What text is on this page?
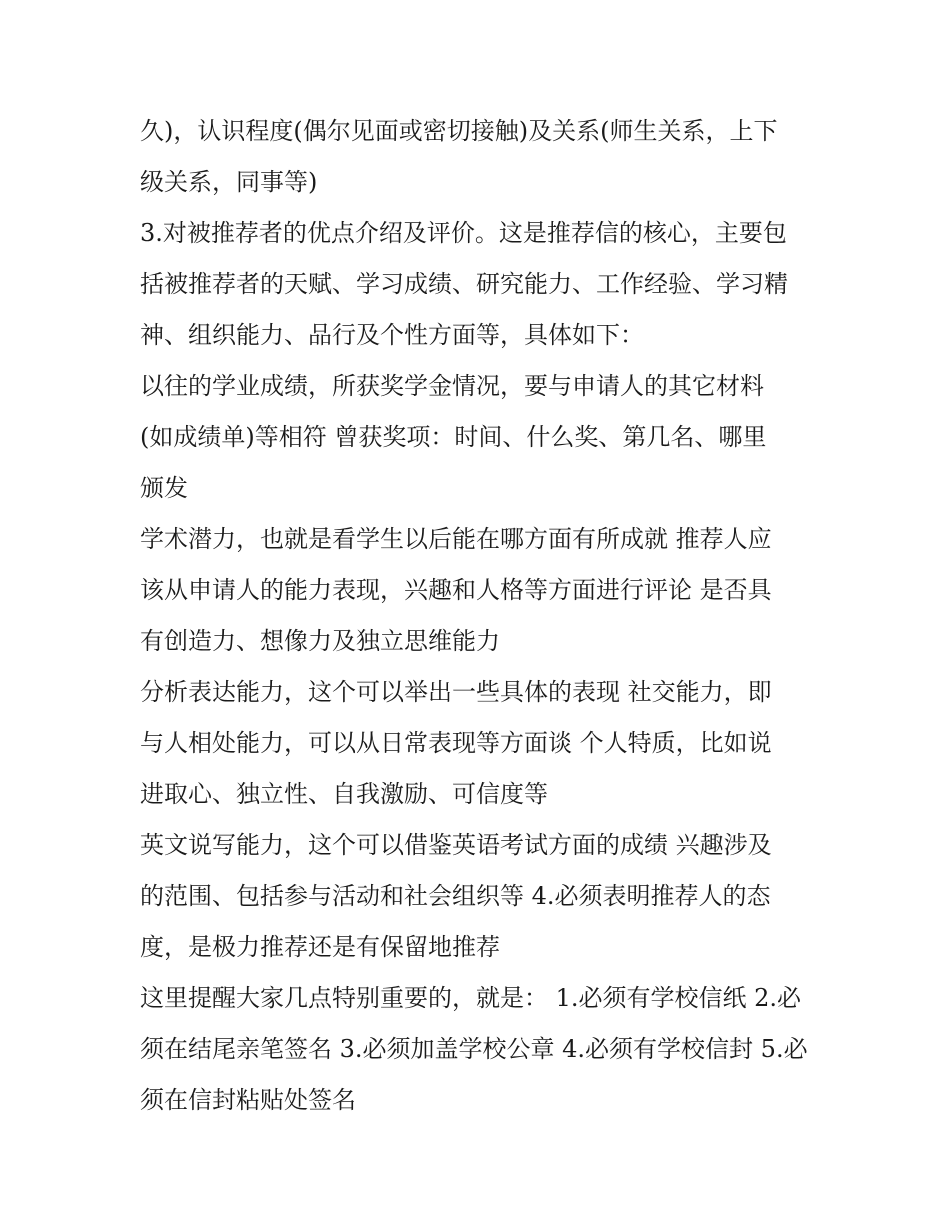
久)，认识程度(偶尔见面或密切接触)及关系(师生关系，上下
级关系，同事等)
3.对被推荐者的优点介绍及评价。这是推荐信的核心，主要包
括被推荐者的天赋、学习成绩、研究能力、工作经验、学习精
神、组织能力、品行及个性方面等，具体如下：
以往的学业成绩，所获奖学金情况，要与申请人的其它材料
(如成绩单)等相符 曾获奖项：时间、什么奖、第几名、哪里
颁发
学术潜力，也就是看学生以后能在哪方面有所成就 推荐人应
该从申请人的能力表现，兴趣和人格等方面进行评论 是否具
有创造力、想像力及独立思维能力
分析表达能力，这个可以举出一些具体的表现 社交能力，即
与人相处能力，可以从日常表现等方面谈 个人特质，比如说
进取心、独立性、自我激励、可信度等
英文说写能力，这个可以借鉴英语考试方面的成绩 兴趣涉及
的范围、包括参与活动和社会组织等 4.必须表明推荐人的态
度，是极力推荐还是有保留地推荐
这里提醒大家几点特别重要的，就是： 1.必须有学校信纸 2.必
须在结尾亲笔签名 3.必须加盖学校公章 4.必须有学校信封 5.必
须在信封粘贴处签名
